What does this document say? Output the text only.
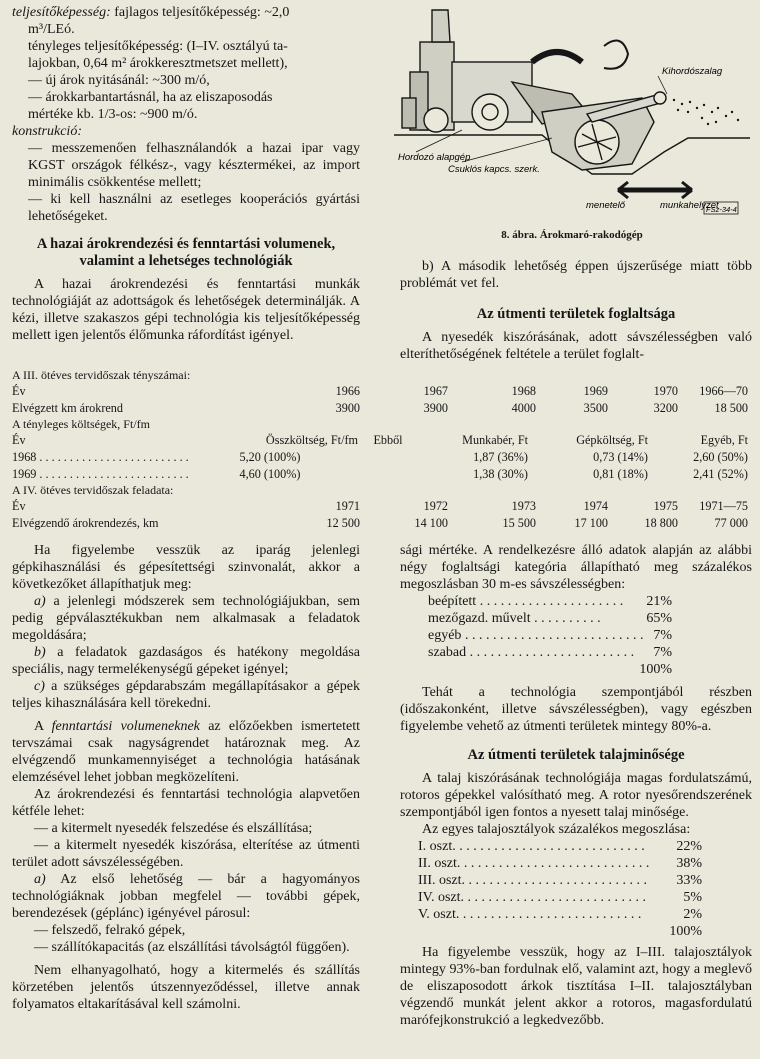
teljesítőképesség: fajlagos teljesítőképesség: ~2,0

m³/LEó.

tényleges teljesítőképesség: (I–IV. osztályú ta-

lajokban, 0,64 m² árokkeresztmetszet mellett),

— új árok nyitásánál: ~300 m/ó,

— árokkarbantartásnál, ha az eliszaposodás

mértéke kb. 1/3-os: ~900 m/ó.

konstrukció:

— messzemenően felhasználandók a hazai ipar vagy KGST országok félkész-, vagy késztermékei, az import minimális csökkentése mellett;

— ki kell használni az esetleges kooperációs gyártási lehetőségeket.

A hazai árokrendezési és fenntartási volumenek, valamint a lehetséges technológiák

A hazai árokrendezési és fenntartási munkák technológiáját az adottságok és lehetőségek determinálják. A kézi, illetve szakaszos gépi technológia kis teljesítőképesség mellett igen jelentős élőmunka ráfordítást igényel.

Kihordószalag
Hordozó alapgép
Csuklós kapcs. szerk.
menetelő	munkahelyzet
FSz-34-4
8. ábra. Árokmaró-rakodógép

b) A második lehetőség éppen újszerűsége miatt több problémát vet fel.

Az útmenti területek foglaltsága

A nyesedék kiszórásának, adott sávszélességben való elteríthetőségének feltétele a terület foglalt-

A III. ötéves tervidőszak tényszámai:
Év	1966	1967	1968	1969	1970	1966—70
Elvégzett km árokrend	3900	3900	4000	3500	3200	18 500
A tényleges költségek, Ft/fm
Év	Összköltség, Ft/fm	Ebből	Munkabér, Ft	Gépköltség, Ft	Egyéb, Ft
1968 . . . . . . . . . . . . . . . . . . . . . . . . .	5,20 (100%)		1,87 (36%)	0,73 (14%)	2,60 (50%)
1969 . . . . . . . . . . . . . . . . . . . . . . . . .	4,60 (100%)		1,38 (30%)	0,81 (18%)	2,41 (52%)
A IV. ötéves tervidőszak feladata:
Év	1971	1972	1973	1974	1975	1971—75
Elvégzendő árokrendezés, km	12 500	14 100	15 500	17 100	18 800	77 000

Ha figyelembe vesszük az iparág jelenlegi gépkihasználási és gépesítettségi szinvonalát, akkor a következőket állapíthatjuk meg:

a) a jelenlegi módszerek sem technológiájukban, sem pedig gépválasztékukban nem alkalmasak a feladatok megoldására;

b) a feladatok gazdaságos és hatékony megoldása speciális, nagy termelékenységű gépeket igényel;

c) a szükséges gépdarabszám megállapításakor a gépek teljes kihasználására kell törekedni.

A fenntartási volumeneknek az előzőekben ismertetett tervszámai csak nagyságrendet határoznak meg. Az elvégzendő munkamennyiséget a technológia hatásának elemzésével lehet jobban megközelíteni.

Az árokrendezési és fenntartási technológia alapvetően kétféle lehet:

— a kitermelt nyesedék felszedése és elszállítása;

— a kitermelt nyesedék kiszórása, elterítése az útmenti terület adott sávszélességében.

a) Az első lehetőség — bár a hagyományos technológiáknak jobban megfelel — további gépek, berendezések (géplánc) igényével párosul:

— felszedő, felrakó gépek,

— szállítókapacitás (az elszállítási távolságtól függően).

Nem elhanyagolható, hogy a kitermelés és szállítás körzetében jelentős útszennyeződéssel, illetve annak folyamatos eltakarításával kell számolni.

sági mértéke. A rendelkezésre álló adatok alapján az alábbi négy foglaltsági kategória állapítható meg százalékos megoszlásban 30 m-es sávszélességben:

beépített . . . . . . . . . . . . . . . . . . . . .	21%
mezőgazd. művelt . . . . . . . . . .	65%
egyéb . . . . . . . . . . . . . . . . . . . . . . . . . .	7%
szabad . . . . . . . . . . . . . . . . . . . . . . . .	7%
	100%

Tehát a technológia szempontjából részben (időszakonként, illetve sávszélességben), vagy egészben figyelembe vehető az útmenti területek mintegy 80%-a.

Az útmenti területek talajminősége

A talaj kiszórásának technológiája magas fordulatszámú, rotoros gépekkel valósítható meg. A rotor nyesőrendszerének szempontjából igen fontos a nyesett talaj minősége.

Az egyes talajosztályok százalékos megoszlása:

I. oszt. . . . . . . . . . . . . . . . . . . . . . . . . . . .	22%
II. oszt. . . . . . . . . . . . . . . . . . . . . . . . . . . .	38%
III. oszt. . . . . . . . . . . . . . . . . . . . . . . . . . .	33%
IV. oszt. . . . . . . . . . . . . . . . . . . . . . . . . . .	5%
V. oszt. . . . . . . . . . . . . . . . . . . . . . . . . . .	2%
	100%

Ha figyelembe vesszük, hogy az I–III. talajosztályok mintegy 93%-ban fordulnak elő, valamint azt, hogy a meglevő de eliszaposodott árkok tisztítása I–II. talajosztályban végzendő munkát jelent akkor a rotoros, magasfordulatú marófejkonstrukció a legkedvezőbb.
